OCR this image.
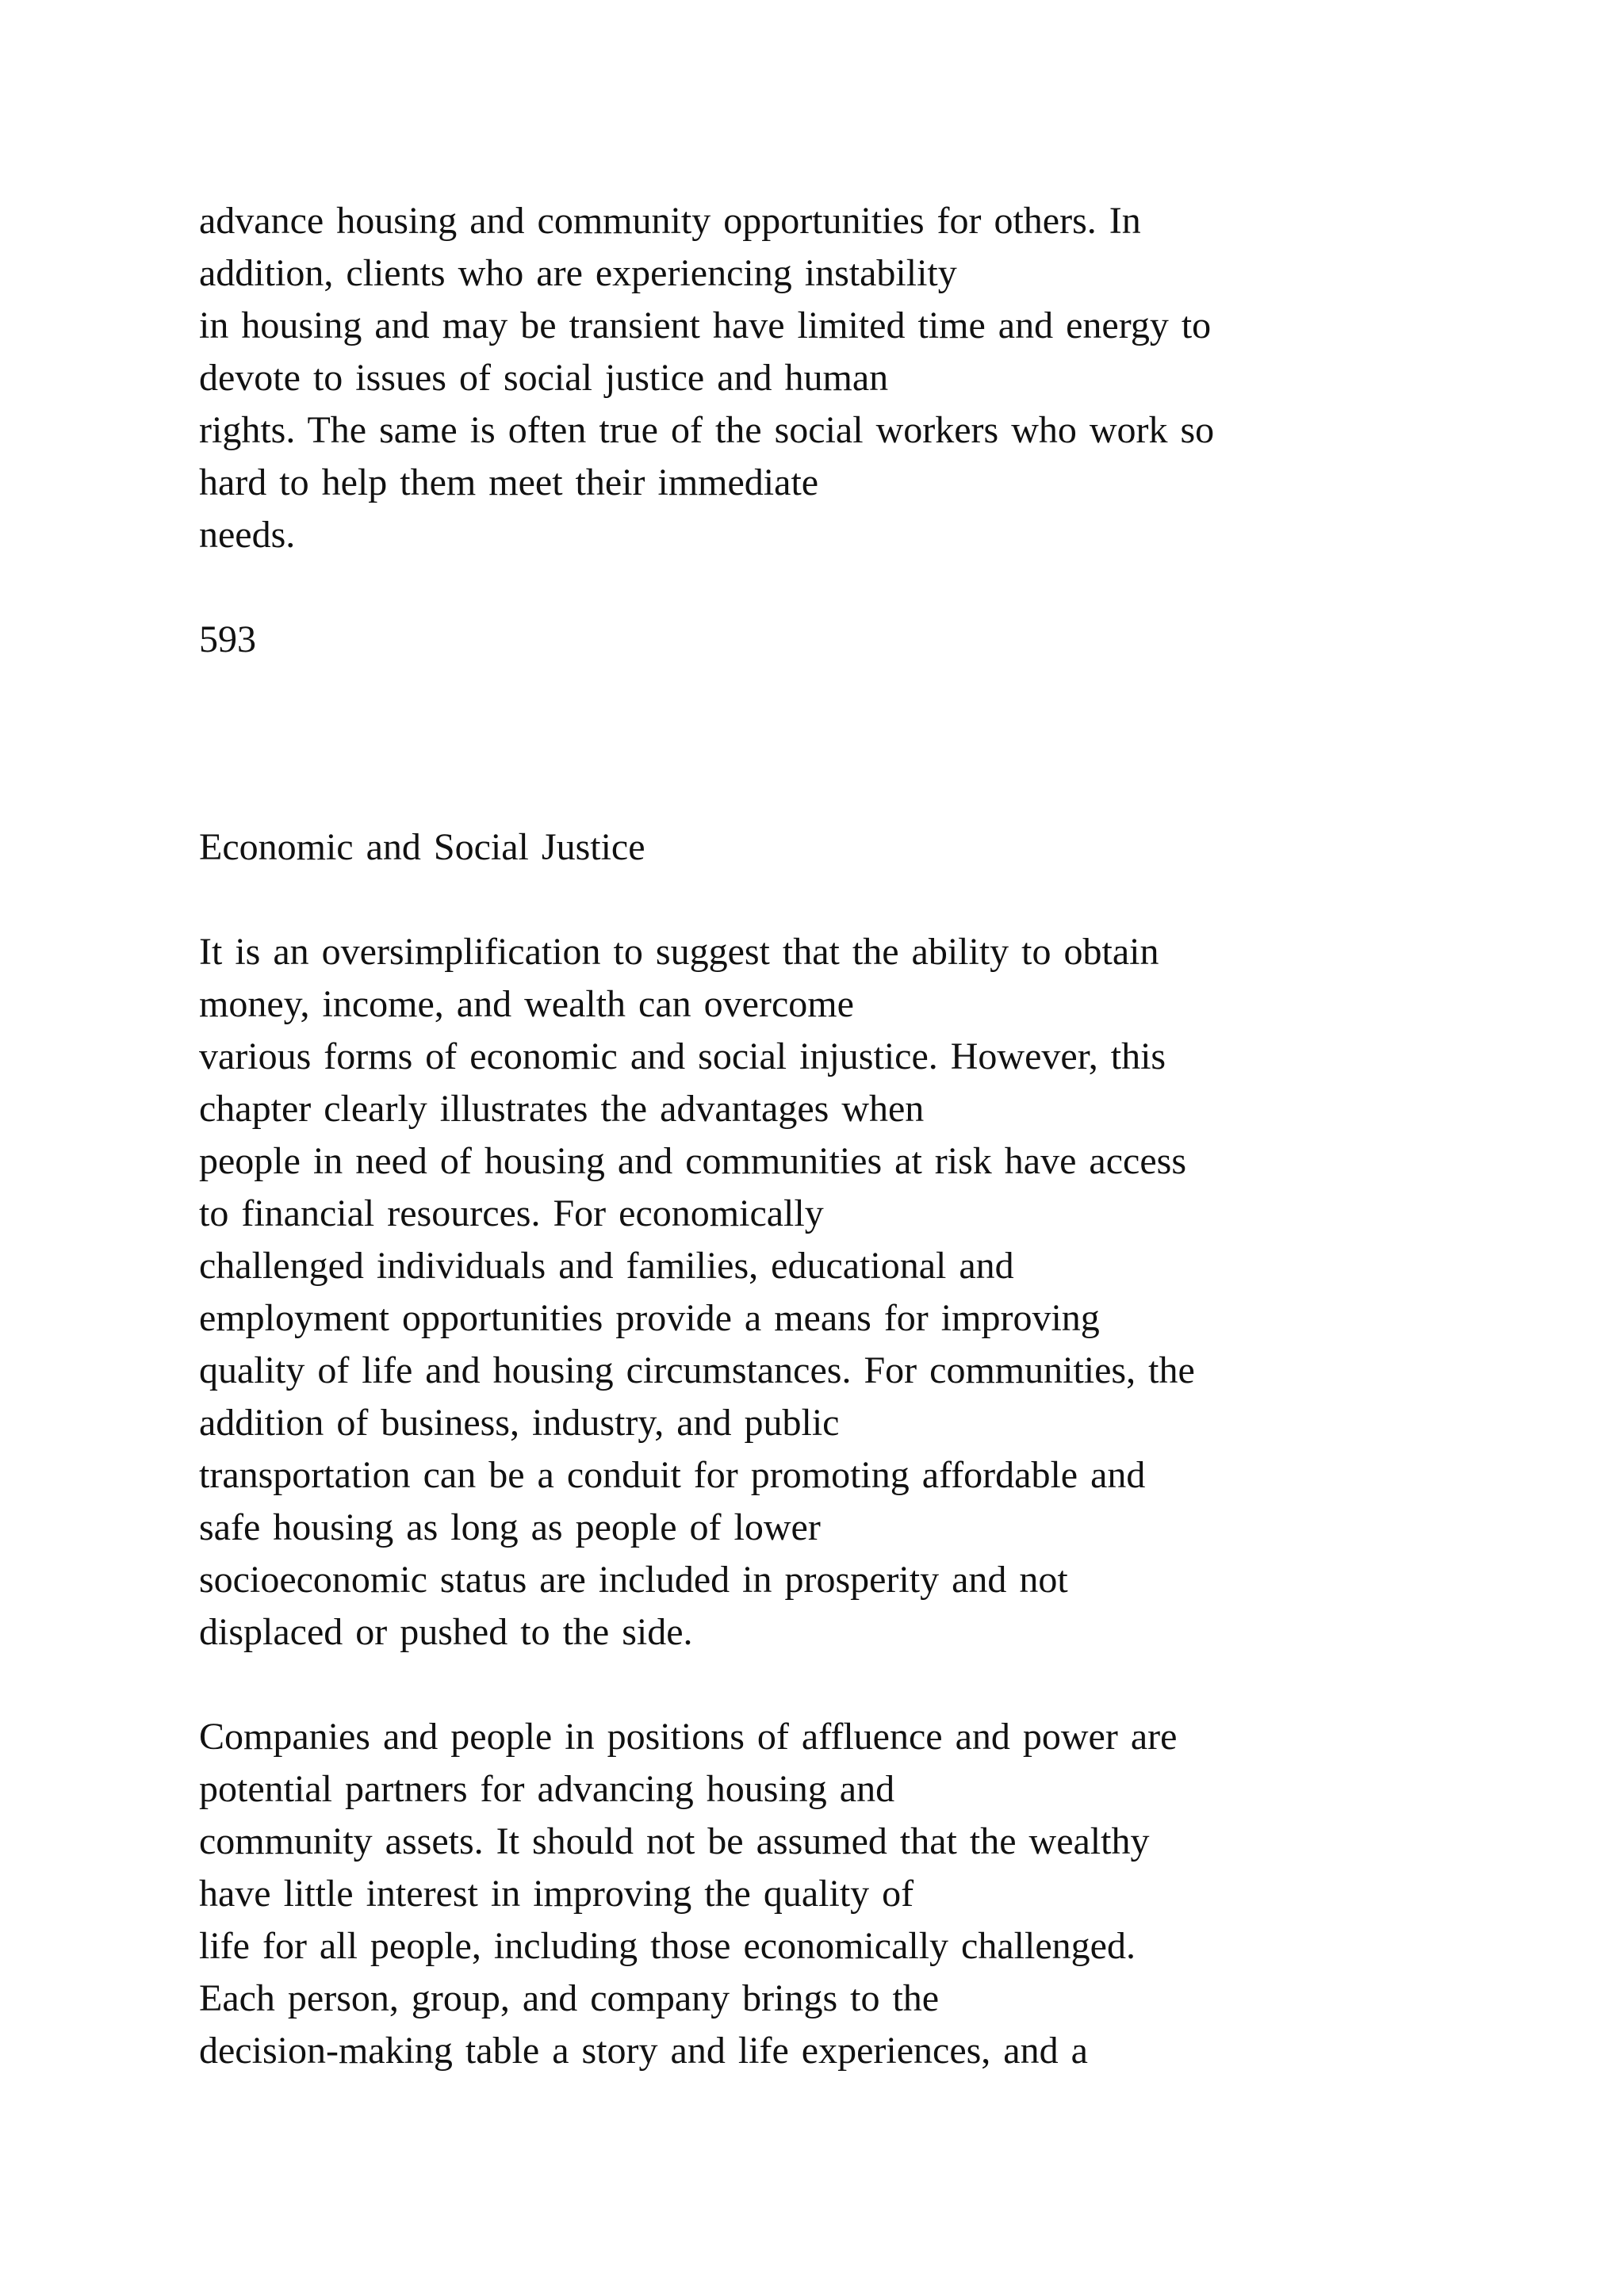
advance housing and community opportunities for others. In
addition, clients who are experiencing instability
in housing and may be transient have limited time and energy to
devote to issues of social justice and human
rights. The same is often true of the social workers who work so
hard to help them meet their immediate
needs.
593
Economic and Social Justice
It is an oversimplification to suggest that the ability to obtain
money, income, and wealth can overcome
various forms of economic and social injustice. However, this
chapter clearly illustrates the advantages when
people in need of housing and communities at risk have access
to financial resources. For economically
challenged individuals and families, educational and
employment opportunities provide a means for improving
quality of life and housing circumstances. For communities, the
addition of business, industry, and public
transportation can be a conduit for promoting affordable and
safe housing as long as people of lower
socioeconomic status are included in prosperity and not
displaced or pushed to the side.
Companies and people in positions of affluence and power are
potential partners for advancing housing and
community assets. It should not be assumed that the wealthy
have little interest in improving the quality of
life for all people, including those economically challenged.
Each person, group, and company brings to the
decision-making table a story and life experiences, and a
